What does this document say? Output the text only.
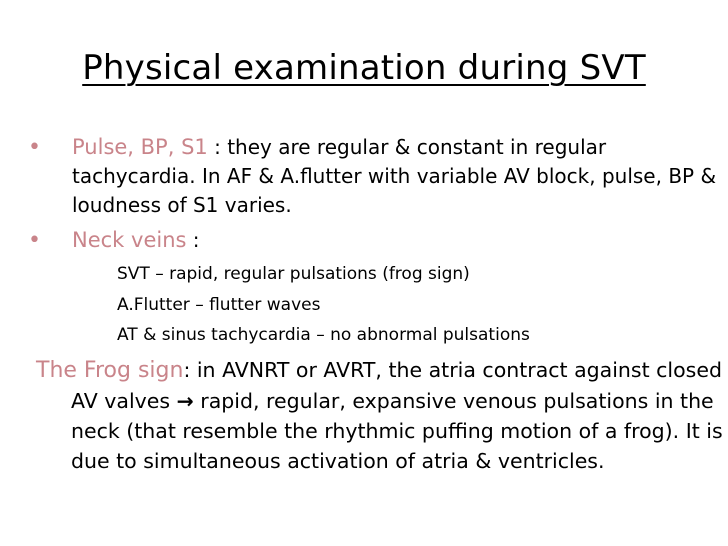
Physical examination during SVT
•	Pulse, BP, S1 : they are regular & constant in regular tachycardia. In AF & A.flutter with variable AV block, pulse, BP & loudness of S1 varies.
•	Neck veins :
SVT – rapid, regular pulsations (frog sign)
A.Flutter – flutter waves
AT & sinus tachycardia – no abnormal pulsations
The Frog sign: in AVNRT or AVRT, the atria contract against closed AV valves → rapid, regular, expansive venous pulsations in the neck (that resemble the rhythmic puffing motion of a frog). It is due to simultaneous activation of atria & ventricles.
